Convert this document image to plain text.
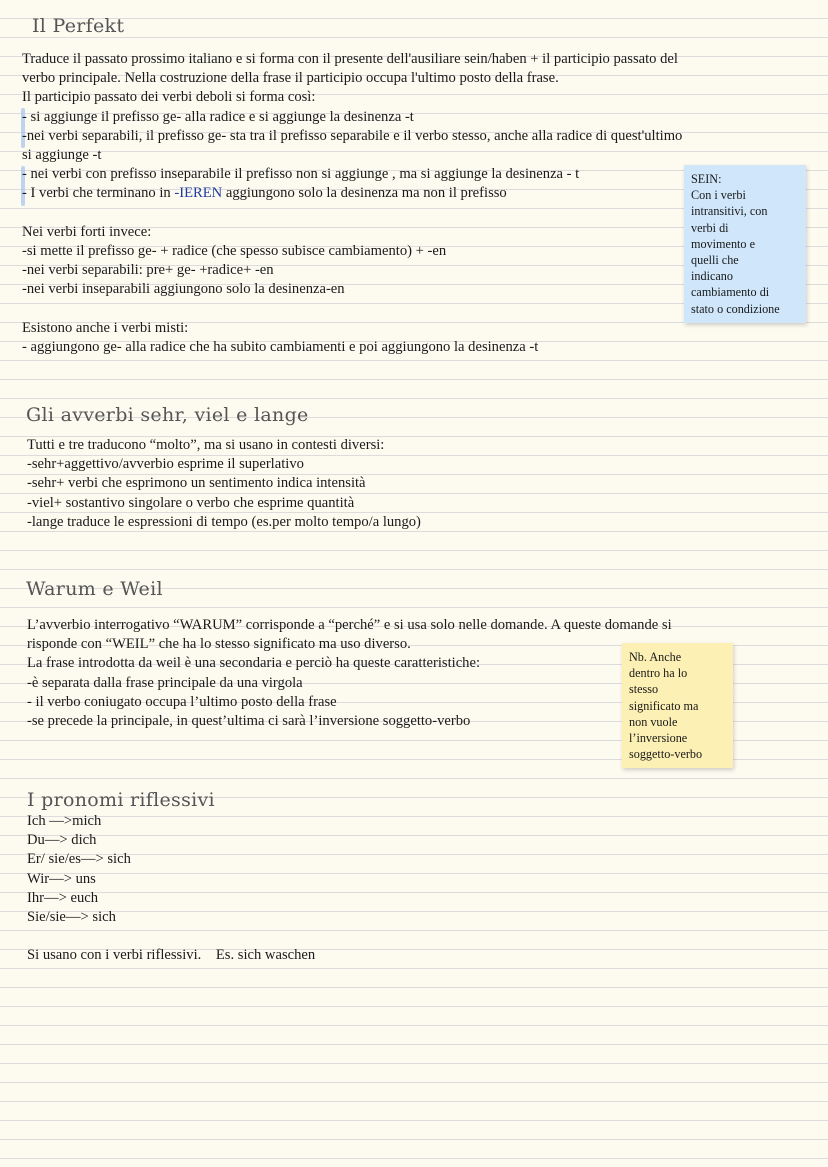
Il Perfekt
Traduce il passato prossimo italiano e si forma con il presente dell'ausiliare sein/haben + il participio passato del
verbo principale. Nella costruzione della frase il participio occupa l'ultimo posto della frase.
Il participio passato dei verbi deboli si forma così:
- si aggiunge il prefisso ge- alla radice e si aggiunge la desinenza -t
-nei verbi separabili, il prefisso ge- sta tra il prefisso separabile e il verbo stesso, anche alla radice di quest'ultimo
si aggiunge -t
- nei verbi con prefisso inseparabile il prefisso non si aggiunge , ma si aggiunge la desinenza - t
- I verbi che terminano in -IEREN aggiungono solo la desinenza ma non il prefisso

Nei verbi forti invece:
-si mette il prefisso ge- + radice (che spesso subisce cambiamento) + -en
-nei verbi separabili: pre+ ge- +radice+ -en
-nei verbi inseparabili aggiungono solo la desinenza-en

Esistono anche i verbi misti:
- aggiungono ge- alla radice che ha subito cambiamenti e poi aggiungono la desinenza -t
SEIN:
Con i verbi
intransitivi, con
verbi di
movimento e
quelli che
indicano
cambiamento di
stato o condizione
Gli avverbi sehr, viel e lange
Tutti e tre traducono “molto”, ma si usano in contesti diversi:
-sehr+aggettivo/avverbio esprime il superlativo
-sehr+ verbi che esprimono un sentimento indica intensità
-viel+ sostantivo singolare o verbo che esprime quantità
-lange traduce le espressioni di tempo (es.per molto tempo/a lungo)
Warum e Weil
L’avverbio interrogativo “WARUM” corrisponde a “perché” e si usa solo nelle domande. A queste domande si
risponde con “WEIL” che ha lo stesso significato ma uso diverso.
La frase introdotta da weil è una secondaria e perciò ha queste caratteristiche:
-è separata dalla frase principale da una virgola
- il verbo coniugato occupa l’ultimo posto della frase
-se precede la principale, in quest’ultima ci sarà l’inversione soggetto-verbo
Nb. Anche
dentro ha lo
stesso
significato ma
non vuole
l’inversione
soggetto-verbo
I pronomi riflessivi
Ich —>mich
Du—> dich
Er/ sie/es—> sich
Wir—> uns
Ihr—> euch
Sie/sie—> sich

Si usano con i verbi riflessivi.    Es. sich waschen
